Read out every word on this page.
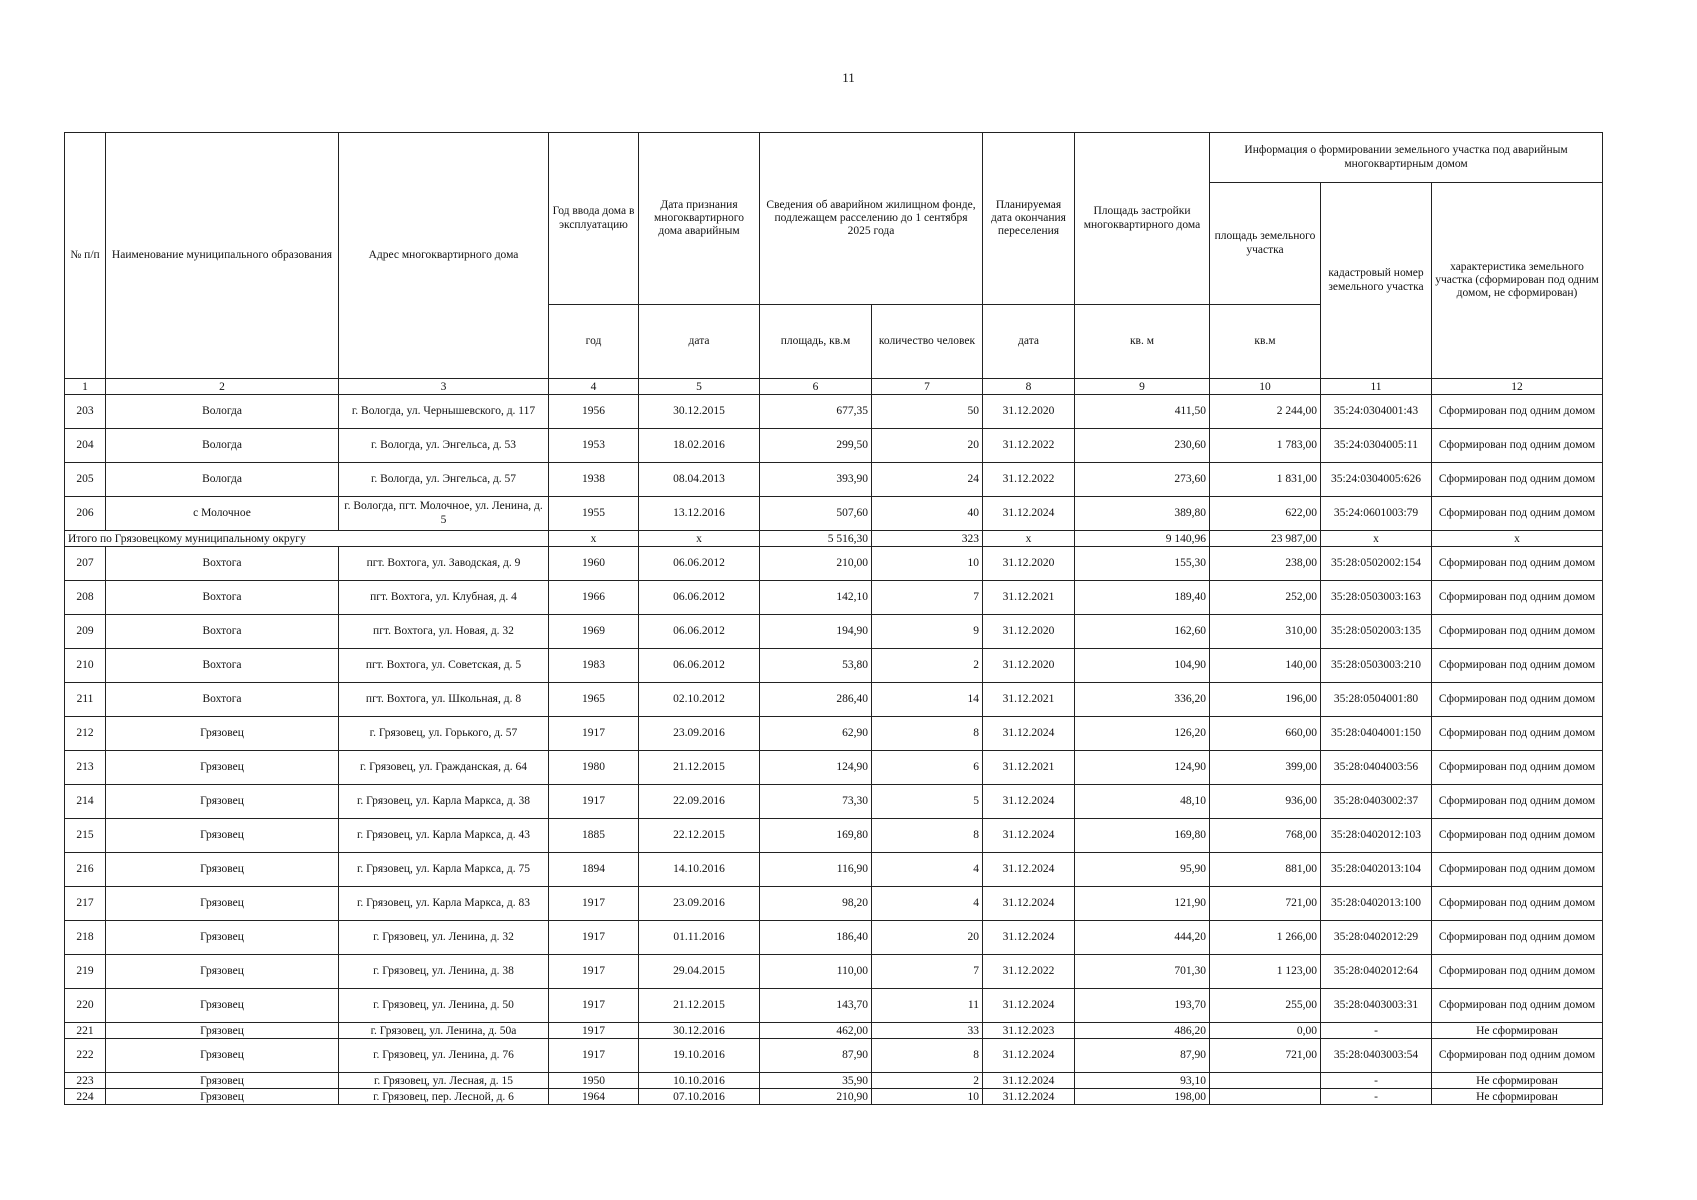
11
№ п/п	Наименование муниципального образования	Адрес многоквартирного дома	Год ввода дома в эксплуатацию	Дата признания многоквартирного дома аварийным	Сведения об аварийном жилищном фонде, подлежащем расселению до 1 сентября 2025 года		Планируемая дата окончания переселения	Площадь застройки многоквартирного дома	Информация о формировании земельного участка под аварийным многоквартирным домом		
									площадь земельного участка	кадастровый номер земельного участка	характеристика земельного участка (сформирован под одним домом, не сформирован)
			год	дата	площадь, кв.м	количество человек	дата	кв. м	кв.м		
1	2	3	4	5	6	7	8	9	10	11	12
203	Вологда	г. Вологда, ул. Чернышевского, д. 117	1956	30.12.2015	677,35	50	31.12.2020	411,50	2 244,00	35:24:0304001:43	Сформирован под одним домом
204	Вологда	г. Вологда, ул. Энгельса, д. 53	1953	18.02.2016	299,50	20	31.12.2022	230,60	1 783,00	35:24:0304005:11	Сформирован под одним домом
205	Вологда	г. Вологда, ул. Энгельса, д. 57	1938	08.04.2013	393,90	24	31.12.2022	273,60	1 831,00	35:24:0304005:626	Сформирован под одним домом
206	с Молочное	г. Вологда, пгт. Молочное, ул. Ленина, д. 5	1955	13.12.2016	507,60	40	31.12.2024	389,80	622,00	35:24:0601003:79	Сформирован под одним домом
Итого по Грязовецкому муниципальному округу			х	х	5 516,30	323	х	9 140,96	23 987,00	х	х
207	Вохтога	пгт. Вохтога, ул. Заводская, д. 9	1960	06.06.2012	210,00	10	31.12.2020	155,30	238,00	35:28:0502002:154	Сформирован под одним домом
208	Вохтога	пгт. Вохтога, ул. Клубная, д. 4	1966	06.06.2012	142,10	7	31.12.2021	189,40	252,00	35:28:0503003:163	Сформирован под одним домом
209	Вохтога	пгт. Вохтога, ул. Новая, д. 32	1969	06.06.2012	194,90	9	31.12.2020	162,60	310,00	35:28:0502003:135	Сформирован под одним домом
210	Вохтога	пгт. Вохтога, ул. Советская, д. 5	1983	06.06.2012	53,80	2	31.12.2020	104,90	140,00	35:28:0503003:210	Сформирован под одним домом
211	Вохтога	пгт. Вохтога, ул. Школьная, д. 8	1965	02.10.2012	286,40	14	31.12.2021	336,20	196,00	35:28:0504001:80	Сформирован под одним домом
212	Грязовец	г. Грязовец, ул. Горького, д. 57	1917	23.09.2016	62,90	8	31.12.2024	126,20	660,00	35:28:0404001:150	Сформирован под одним домом
213	Грязовец	г. Грязовец, ул. Гражданская, д. 64	1980	21.12.2015	124,90	6	31.12.2021	124,90	399,00	35:28:0404003:56	Сформирован под одним домом
214	Грязовец	г. Грязовец, ул. Карла Маркса, д. 38	1917	22.09.2016	73,30	5	31.12.2024	48,10	936,00	35:28:0403002:37	Сформирован под одним домом
215	Грязовец	г. Грязовец, ул. Карла Маркса, д. 43	1885	22.12.2015	169,80	8	31.12.2024	169,80	768,00	35:28:0402012:103	Сформирован под одним домом
216	Грязовец	г. Грязовец, ул. Карла Маркса, д. 75	1894	14.10.2016	116,90	4	31.12.2024	95,90	881,00	35:28:0402013:104	Сформирован под одним домом
217	Грязовец	г. Грязовец, ул. Карла Маркса, д. 83	1917	23.09.2016	98,20	4	31.12.2024	121,90	721,00	35:28:0402013:100	Сформирован под одним домом
218	Грязовец	г. Грязовец, ул. Ленина, д. 32	1917	01.11.2016	186,40	20	31.12.2024	444,20	1 266,00	35:28:0402012:29	Сформирован под одним домом
219	Грязовец	г. Грязовец, ул. Ленина, д. 38	1917	29.04.2015	110,00	7	31.12.2022	701,30	1 123,00	35:28:0402012:64	Сформирован под одним домом
220	Грязовец	г. Грязовец, ул. Ленина, д. 50	1917	21.12.2015	143,70	11	31.12.2024	193,70	255,00	35:28:0403003:31	Сформирован под одним домом
221	Грязовец	г. Грязовец, ул. Ленина, д. 50а	1917	30.12.2016	462,00	33	31.12.2023	486,20	0,00	-	Не сформирован
222	Грязовец	г. Грязовец, ул. Ленина, д. 76	1917	19.10.2016	87,90	8	31.12.2024	87,90	721,00	35:28:0403003:54	Сформирован под одним домом
223	Грязовец	г. Грязовец, ул. Лесная, д. 15	1950	10.10.2016	35,90	2	31.12.2024	93,10		-	Не сформирован
224	Грязовец	г. Грязовец, пер. Лесной, д. 6	1964	07.10.2016	210,90	10	31.12.2024	198,00		-	Не сформирован
